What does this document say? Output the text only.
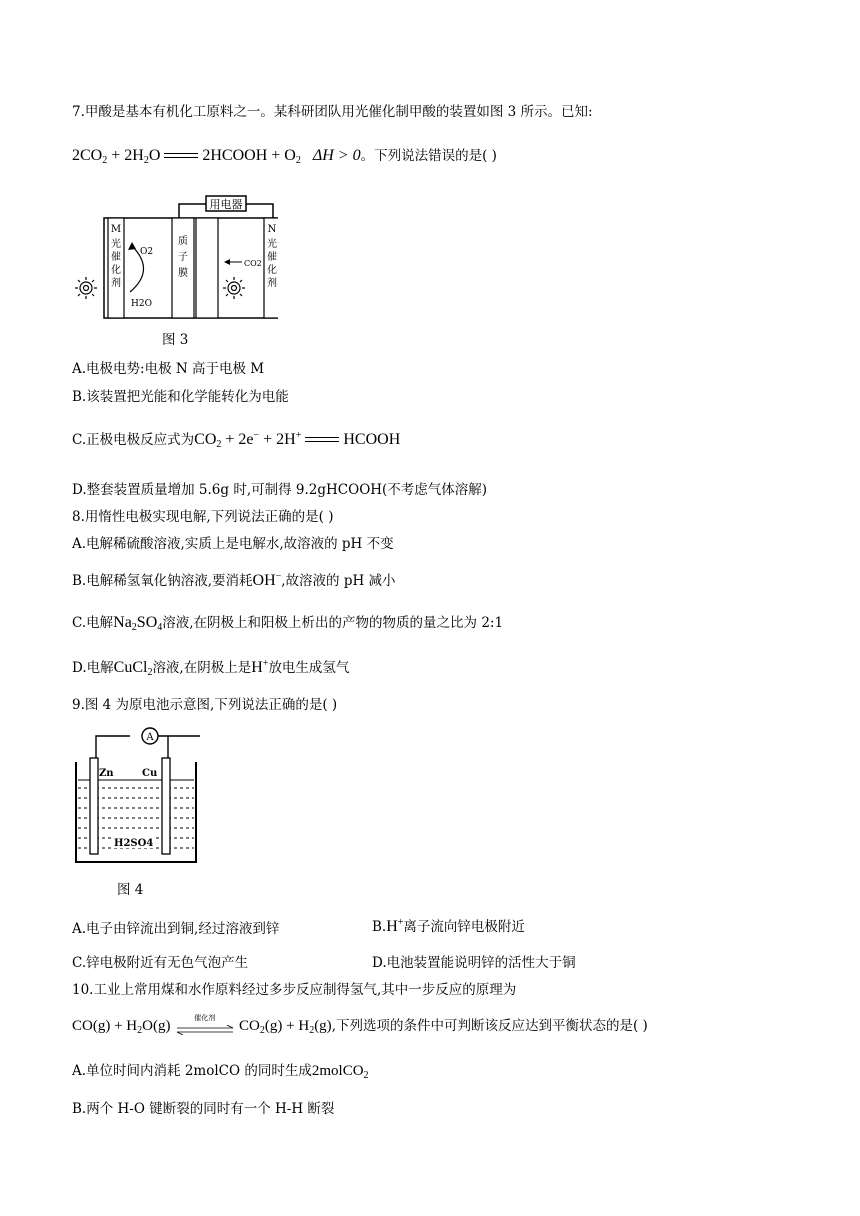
7.甲酸是基本有机化工原料之一。某科研团队用光催化制甲酸的装置如图 3 所示。已知:
$2CO_2 + 2H_2O$	2HCOOH + $O_2$ ΔH > 0。下列说法错误的是( )
用电器
M
光
催
化
剂
质
子
膜
N
光
催
化
剂
O2
H2O
CO2
图 3
A.电极电势:电极 N 高于电极 M
B.该装置把光能和化学能转化为电能
C.正极电极反应式为$CO_2 + 2e^- + 2H^+$	HCOOH
D.整套装置质量增加 5.6g 时,可制得 9.2gHCOOH(不考虑气体溶解)
8.用惰性电极实现电解,下列说法正确的是( )
A.电解稀硫酸溶液,实质上是电解水,故溶液的 pH 不变
B.电解稀氢氧化钠溶液,要消耗OH−,故溶液的 pH 减小
C.电解$Na_2SO_4$溶液,在阴极上和阳极上析出的产物的物质的量之比为 2:1
D.电解CuCl$_2$溶液,在阴极上是H+放电生成氢气
9.图 4 为原电池示意图,下列说法正确的是( )
A
Zn	Cu
H2SO4
图 4
A.电子由锌流出到铜,经过溶液到锌	B.H+离子流向锌电极附近
C.锌电极附近有无色气泡产生	D.电池装置能说明锌的活性大于铜
10.工业上常用煤和水作原料经过多步反应制得氢气,其中一步反应的原理为
$CO(g) + H_2O(g)$
催化剂
$CO_2(g) + H_2(g)$,下列选项的条件中可判断该反应达到平衡状态的是( )
A.单位时间内消耗 2molCO 的同时生成2molCO$_2$
B.两个 H-O 键断裂的同时有一个 H-H 断裂
